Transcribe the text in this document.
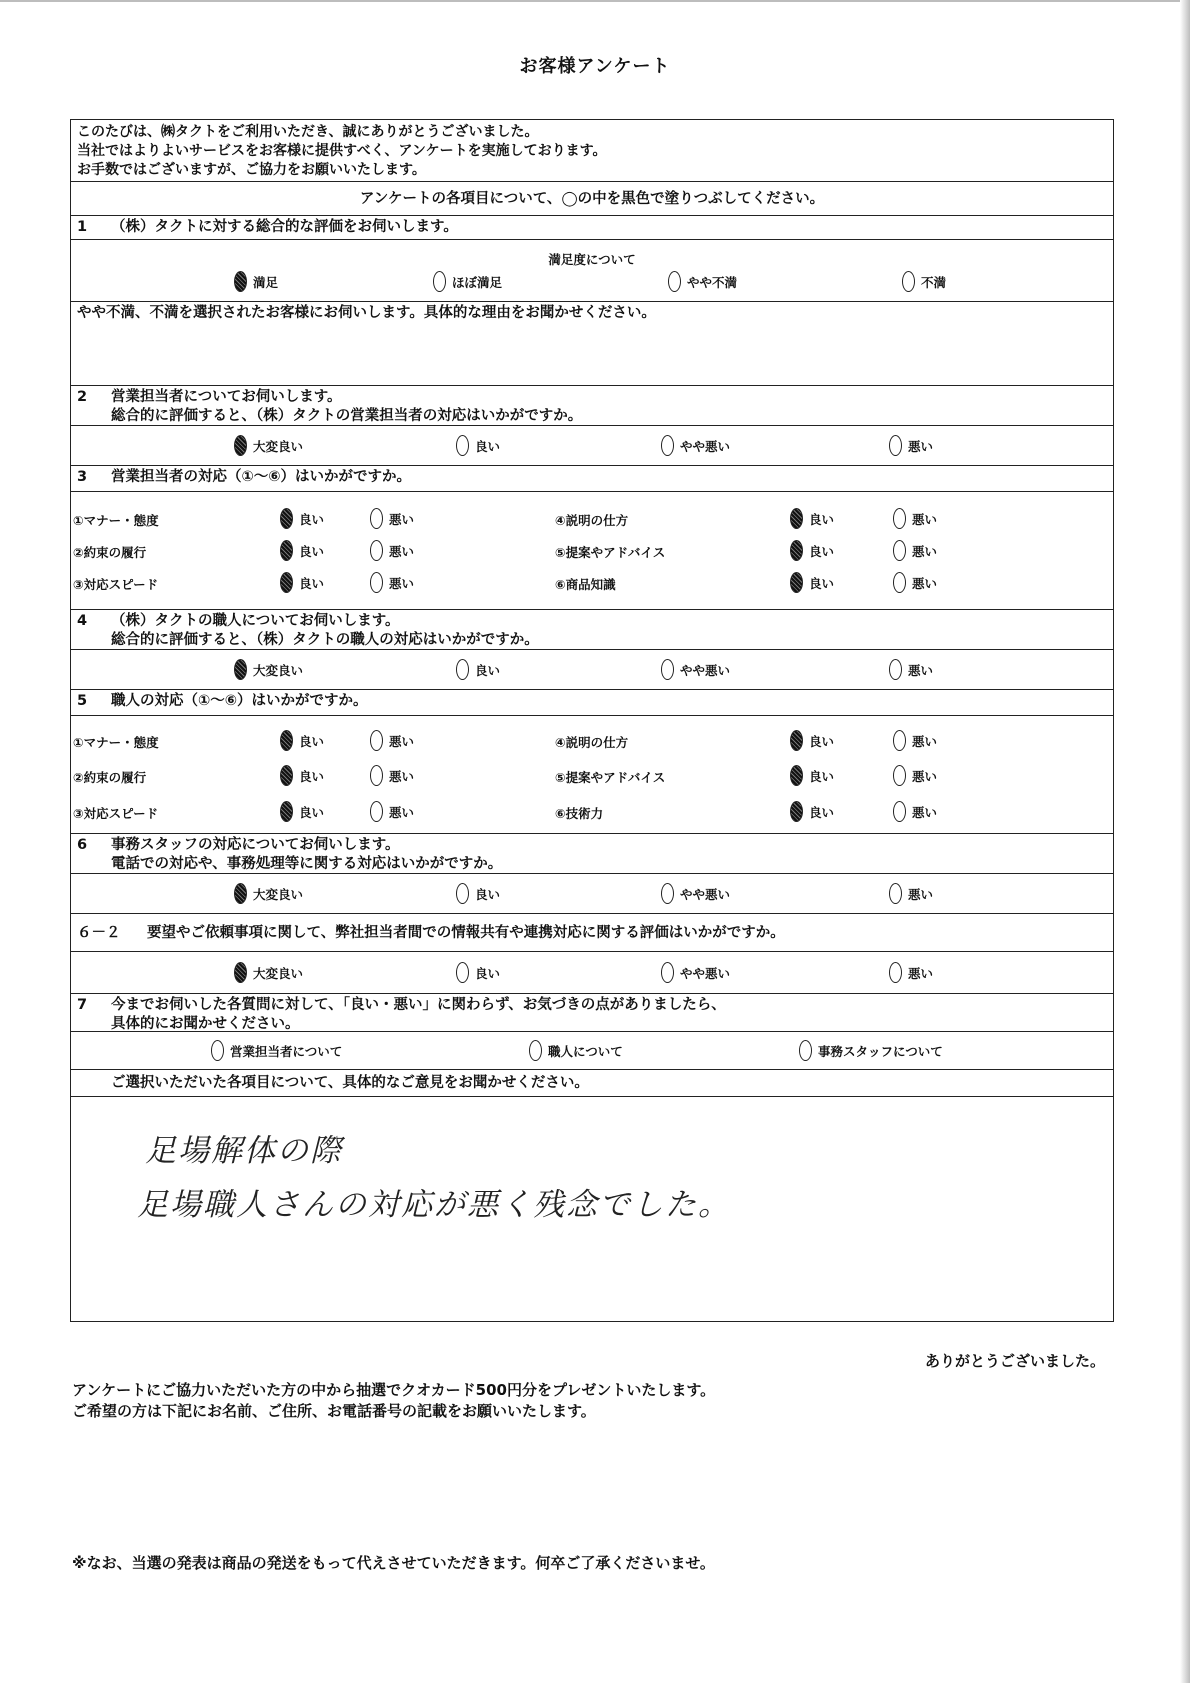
お客様アンケート
このたびは、㈱タクトをご利用いただき、誠にありがとうございました。
当社ではよりよいサービスをお客様に提供すべく、アンケートを実施しております。
お手数ではございますが、ご協力をお願いいたします。
アンケートの各項目について、◯の中を黒色で塗りつぶしてください。
1 （株）タクトに対する総合的な評価をお伺いします。
満足度について
満足	ほぼ満足	やや不満	不満
やや不満、不満を選択されたお客様にお伺いします。具体的な理由をお聞かせください。
2 営業担当者についてお伺いします。
総合的に評価すると、（株）タクトの営業担当者の対応はいかがですか。
大変良い	良い	やや悪い	悪い
3 営業担当者の対応（①～⑥）はいかがですか。
①マナー・態度	良い	悪い	④説明の仕方	良い	悪い
②約束の履行	良い	悪い	⑤提案やアドバイス	良い	悪い
③対応スピード	良い	悪い	⑥商品知識	良い	悪い
4 （株）タクトの職人についてお伺いします。
総合的に評価すると、（株）タクトの職人の対応はいかがですか。
大変良い	良い	やや悪い	悪い
5 職人の対応（①～⑥）はいかがですか。
①マナー・態度	良い	悪い	④説明の仕方	良い	悪い
②約束の履行	良い	悪い	⑤提案やアドバイス	良い	悪い
③対応スピード	良い	悪い	⑥技術力	良い	悪い
6 事務スタッフの対応についてお伺いします。
電話での対応や、事務処理等に関する対応はいかがですか。
大変良い	良い	やや悪い	悪い
６－２ 要望やご依頼事項に関して、弊社担当者間での情報共有や連携対応に関する評価はいかがですか。
大変良い	良い	やや悪い	悪い
7 今までお伺いした各質問に対して、「良い・悪い」に関わらず、お気づきの点がありましたら、
具体的にお聞かせください。
営業担当者について	職人について	事務スタッフについて
ご選択いただいた各項目について、具体的なご意見をお聞かせください。
足場解体の際
足場職人さんの対応が悪く残念でした。
ありがとうございました。
アンケートにご協力いただいた方の中から抽選でクオカード500円分をプレゼントいたします。
ご希望の方は下記にお名前、ご住所、お電話番号の記載をお願いいたします。
※なお、当選の発表は商品の発送をもって代えさせていただきます。何卒ご了承くださいませ。
